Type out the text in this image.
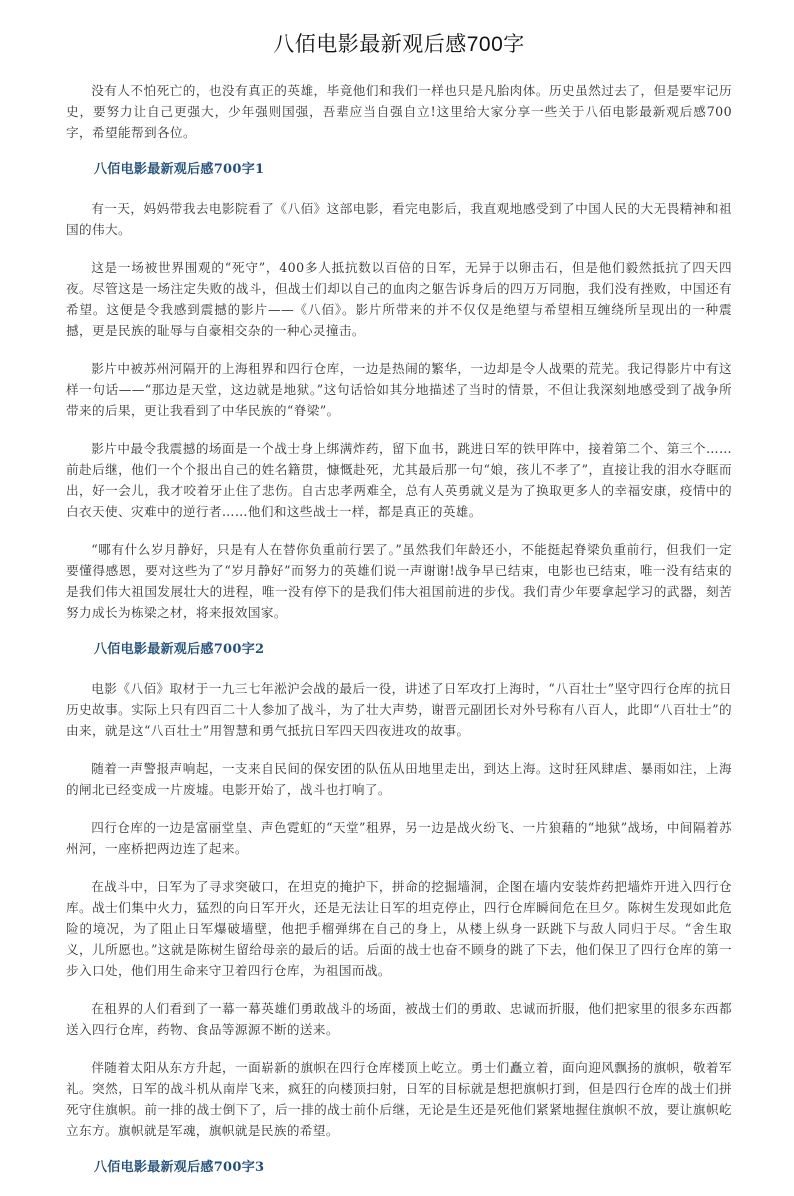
八佰电影最新观后感700字

没有人不怕死亡的，也没有真正的英雄，毕竟他们和我们一样也只是凡胎肉体。历史虽然过去了，但是要牢记历史，要努力让自己更强大，少年强则国强，吾辈应当自强自立!这里给大家分享一些关于八佰电影最新观后感700字，希望能帮到各位。

八佰电影最新观后感700字1

有一天，妈妈带我去电影院看了《八佰》这部电影，看完电影后，我直观地感受到了中国人民的大无畏精神和祖国的伟大。

这是一场被世界围观的“死守”，400多人抵抗数以百倍的日军，无异于以卵击石，但是他们毅然抵抗了四天四夜。尽管这是一场注定失败的战斗，但战士们却以自己的血肉之躯告诉身后的四万万同胞，我们没有挫败，中国还有希望。这便是令我感到震撼的影片——《八佰》。影片所带来的并不仅仅是绝望与希望相互缠绕所呈现出的一种震撼，更是民族的耻辱与自豪相交杂的一种心灵撞击。

影片中被苏州河隔开的上海租界和四行仓库，一边是热闹的繁华，一边却是令人战栗的荒芜。我记得影片中有这样一句话——“那边是天堂，这边就是地狱。”这句话恰如其分地描述了当时的情景，不但让我深刻地感受到了战争所带来的后果，更让我看到了中华民族的“脊梁”。

影片中最令我震撼的场面是一个战士身上绑满炸药，留下血书，跳进日军的铁甲阵中，接着第二个、第三个……前赴后继，他们一个个报出自己的姓名籍贯，慷慨赴死，尤其最后那一句“娘，孩儿不孝了”，直接让我的泪水夺眶而出，好一会儿，我才咬着牙止住了悲伤。自古忠孝两难全，总有人英勇就义是为了换取更多人的幸福安康，疫情中的白衣天使、灾难中的逆行者……他们和这些战士一样，都是真正的英雄。

“哪有什么岁月静好，只是有人在替你负重前行罢了。”虽然我们年龄还小，不能挺起脊梁负重前行，但我们一定要懂得感恩，要对这些为了“岁月静好”而努力的英雄们说一声谢谢!战争早已结束，电影也已结束，唯一没有结束的是我们伟大祖国发展壮大的进程，唯一没有停下的是我们伟大祖国前进的步伐。我们青少年要拿起学习的武器，刻苦努力成长为栋梁之材，将来报效国家。

八佰电影最新观后感700字2

电影《八佰》取材于一九三七年淞沪会战的最后一役，讲述了日军攻打上海时，“八百壮士”坚守四行仓库的抗日历史故事。实际上只有四百二十人参加了战斗，为了壮大声势，谢晋元副团长对外号称有八百人，此即“八百壮士”的由来，就是这“八百壮士”用智慧和勇气抵抗日军四天四夜进攻的故事。

随着一声警报声响起，一支来自民间的保安团的队伍从田地里走出，到达上海。这时狂风肆虐、暴雨如注，上海的闸北已经变成一片废墟。电影开始了，战斗也打响了。

四行仓库的一边是富丽堂皇、声色霓虹的“天堂”租界，另一边是战火纷飞、一片狼藉的“地狱”战场，中间隔着苏州河，一座桥把两边连了起来。

在战斗中，日军为了寻求突破口，在坦克的掩护下，拼命的挖掘墙洞，企图在墙内安装炸药把墙炸开进入四行仓库。战士们集中火力，猛烈的向日军开火，还是无法让日军的坦克停止，四行仓库瞬间危在旦夕。陈树生发现如此危险的境况，为了阻止日军爆破墙壁，他把手榴弹绑在自己的身上，从楼上纵身一跃跳下与敌人同归于尽。“舍生取义，儿所愿也。”这就是陈树生留给母亲的最后的话。后面的战士也奋不顾身的跳了下去，他们保卫了四行仓库的第一步入口处，他们用生命来守卫着四行仓库，为祖国而战。

在租界的人们看到了一幕一幕英雄们勇敢战斗的场面，被战士们的勇敢、忠诚而折服，他们把家里的很多东西都送入四行仓库，药物、食品等源源不断的送来。

伴随着太阳从东方升起，一面崭新的旗帜在四行仓库楼顶上屹立。勇士们矗立着，面向迎风飘扬的旗帜，敬着军礼。突然，日军的战斗机从南岸飞来，疯狂的向楼顶扫射，日军的目标就是想把旗帜打到，但是四行仓库的战士们拼死守住旗帜。前一排的战士倒下了，后一排的战士前仆后继，无论是生还是死他们紧紧地握住旗帜不放，要让旗帜屹立东方。旗帜就是军魂，旗帜就是民族的希望。

八佰电影最新观后感700字3
